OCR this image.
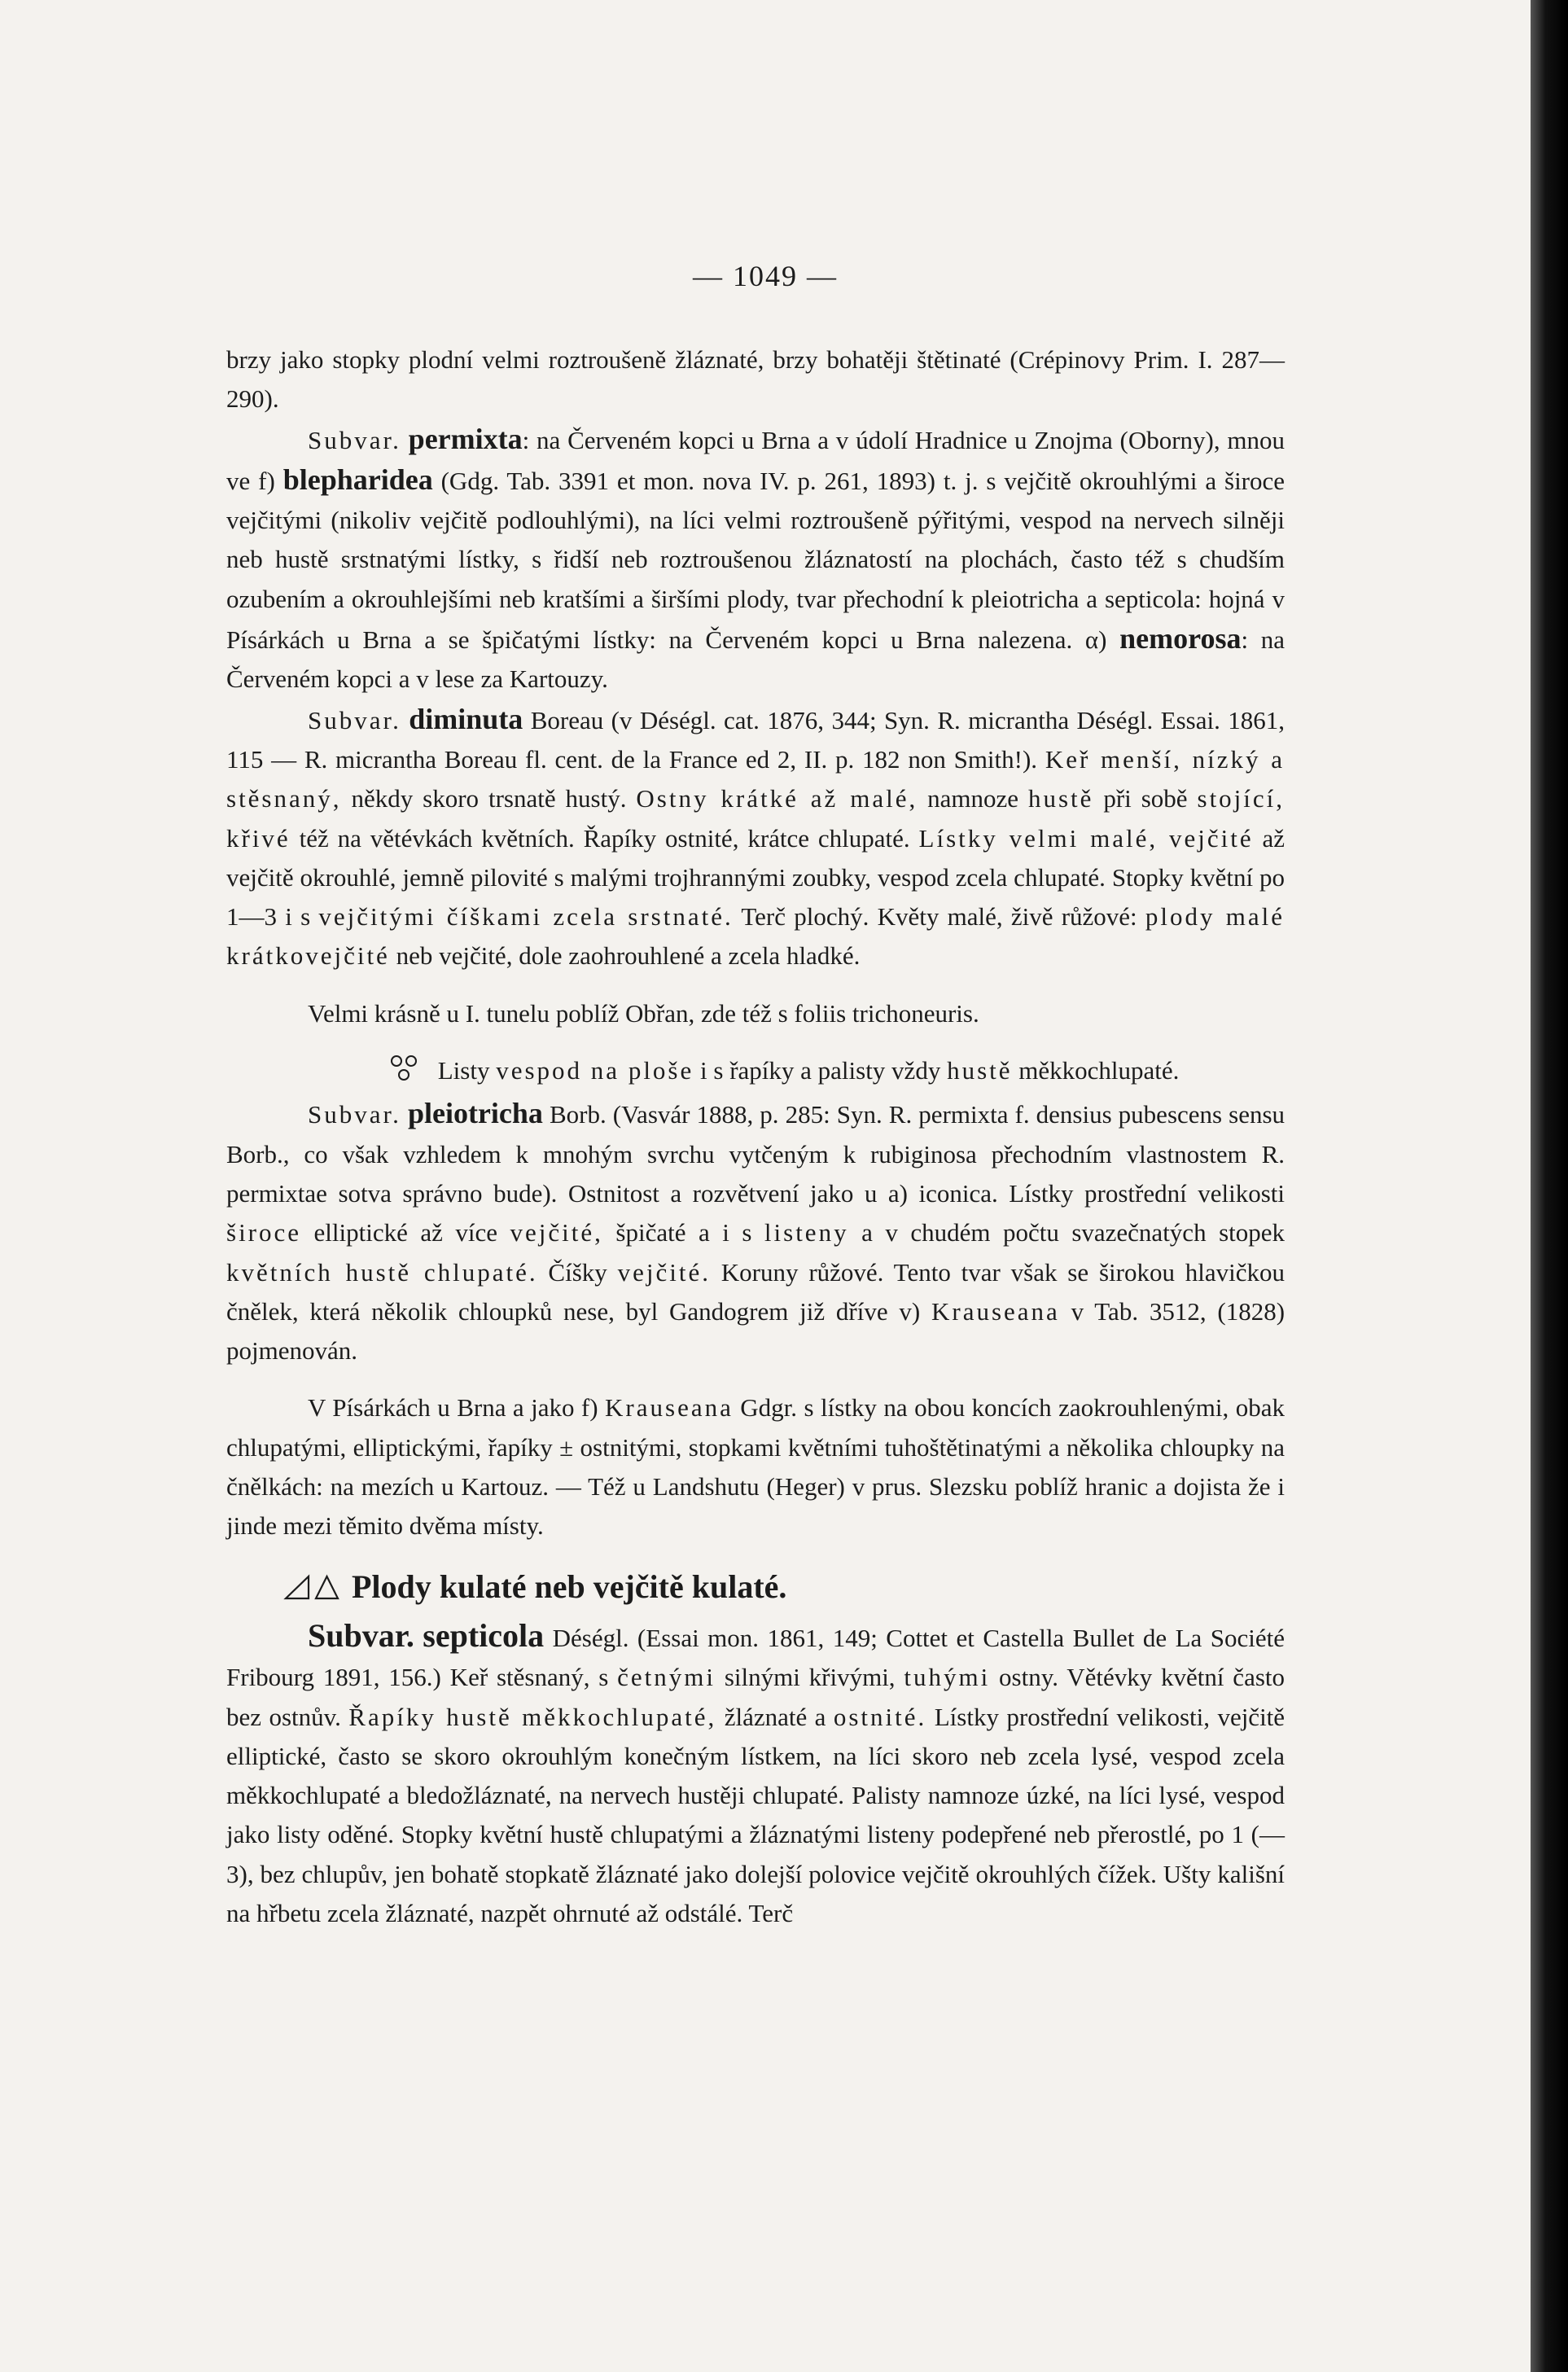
— 1049 —

brzy jako stopky plodní velmi roztroušeně žláznaté, brzy bohatěji štětinaté (Crépinovy Prim. I. 287—290).

Subvar. permixta: na Červeném kopci u Brna a v údolí Hradnice u Znojma (Oborny), mnou ve f) blepharidea (Gdg. Tab. 3391 et mon. nova IV. p. 261, 1893) t. j. s vejčitě okrouhlými a široce vejčitými (nikoliv vejčitě podlouhlými), na líci velmi roztroušeně pýřitými, vespod na nervech silněji neb hustě srstnatými lístky, s řidší neb roztroušenou žláznatostí na plochách, často též s chudším ozubením a okrouhlejšími neb kratšími a širšími plody, tvar přechodní k pleiotricha a septicola: hojná v Písárkách u Brna a se špičatými lístky: na Červeném kopci u Brna nalezena. α) nemorosa: na Červeném kopci a v lese za Kartouzy.

Subvar. diminuta Boreau (v Déségl. cat. 1876, 344; Syn. R. micrantha Déségl. Essai. 1861, 115 — R. micrantha Boreau fl. cent. de la France ed 2, II. p. 182 non Smith!). Keř menší, nízký a stěsnaný, někdy skoro trsnatě hustý. Ostny krátké až malé, namnoze hustě při sobě stojící, křivé též na větévkách květních. Řapíky ostnité, krátce chlupaté. Lístky velmi malé, vejčité až vejčitě okrouhlé, jemně pilovité s malými trojhrannými zoubky, vespod zcela chlupaté. Stopky květní po 1—3 i s vejčitými číškami zcela srstnaté. Terč plochý. Květy malé, živě růžové: plody malé krátkovejčité neb vejčité, dole zaohrouhlené a zcela hladké.

Velmi krásně u I. tunelu poblíž Obřan, zde též s foliis trichoneuris.

Listy vespod na ploše i s řapíky a palisty vždy hustě měkkochlupaté.

Subvar. pleiotricha Borb. (Vasvár 1888, p. 285: Syn. R. permixta f. densius pubescens sensu Borb., co však vzhledem k mnohým svrchu vytčeným k rubiginosa přechodním vlastnostem R. permixtae sotva správno bude). Ostnitost a rozvětvení jako u a) iconica. Lístky prostřední velikosti široce elliptické až více vejčité, špičaté a i s listeny a v chudém počtu svazečnatých stopek květních hustě chlupaté. Číšky vejčité. Koruny růžové. Tento tvar však se širokou hlavičkou čnělek, která několik chloupků nese, byl Gandogrem již dříve v) Krauseana v Tab. 3512, (1828) pojmenován.

V Písárkách u Brna a jako f) Krauseana Gdgr. s lístky na obou koncích zaokrouhlenými, obak chlupatými, elliptickými, řapíky ± ostnitými, stopkami květními tuhoštětinatými a několika chloupky na čnělkách: na mezích u Kartouz. — Též u Landshutu (Heger) v prus. Slezsku poblíž hranic a dojista že i jinde mezi těmito dvěma místy.

Plody kulaté neb vejčitě kulaté.

Subvar. septicola Déségl. (Essai mon. 1861, 149; Cottet et Castella Bullet de La Société Fribourg 1891, 156.) Keř stěsnaný, s četnými silnými křivými, tuhými ostny. Větévky květní často bez ostnův. Řapíky hustě měkkochlupaté, žláznaté a ostnité. Lístky prostřední velikosti, vejčitě elliptické, často se skoro okrouhlým konečným lístkem, na líci skoro neb zcela lysé, vespod zcela měkkochlupaté a bledožláznaté, na nervech hustěji chlupaté. Palisty namnoze úzké, na líci lysé, vespod jako listy oděné. Stopky květní hustě chlupatými a žláznatými listeny podepřené neb přerostlé, po 1 (— 3), bez chlupův, jen bohatě stopkatě žláznaté jako dolejší polovice vejčitě okrouhlých čížek. Ušty kališní na hřbetu zcela žláznaté, nazpět ohrnuté až odstálé. Terč
